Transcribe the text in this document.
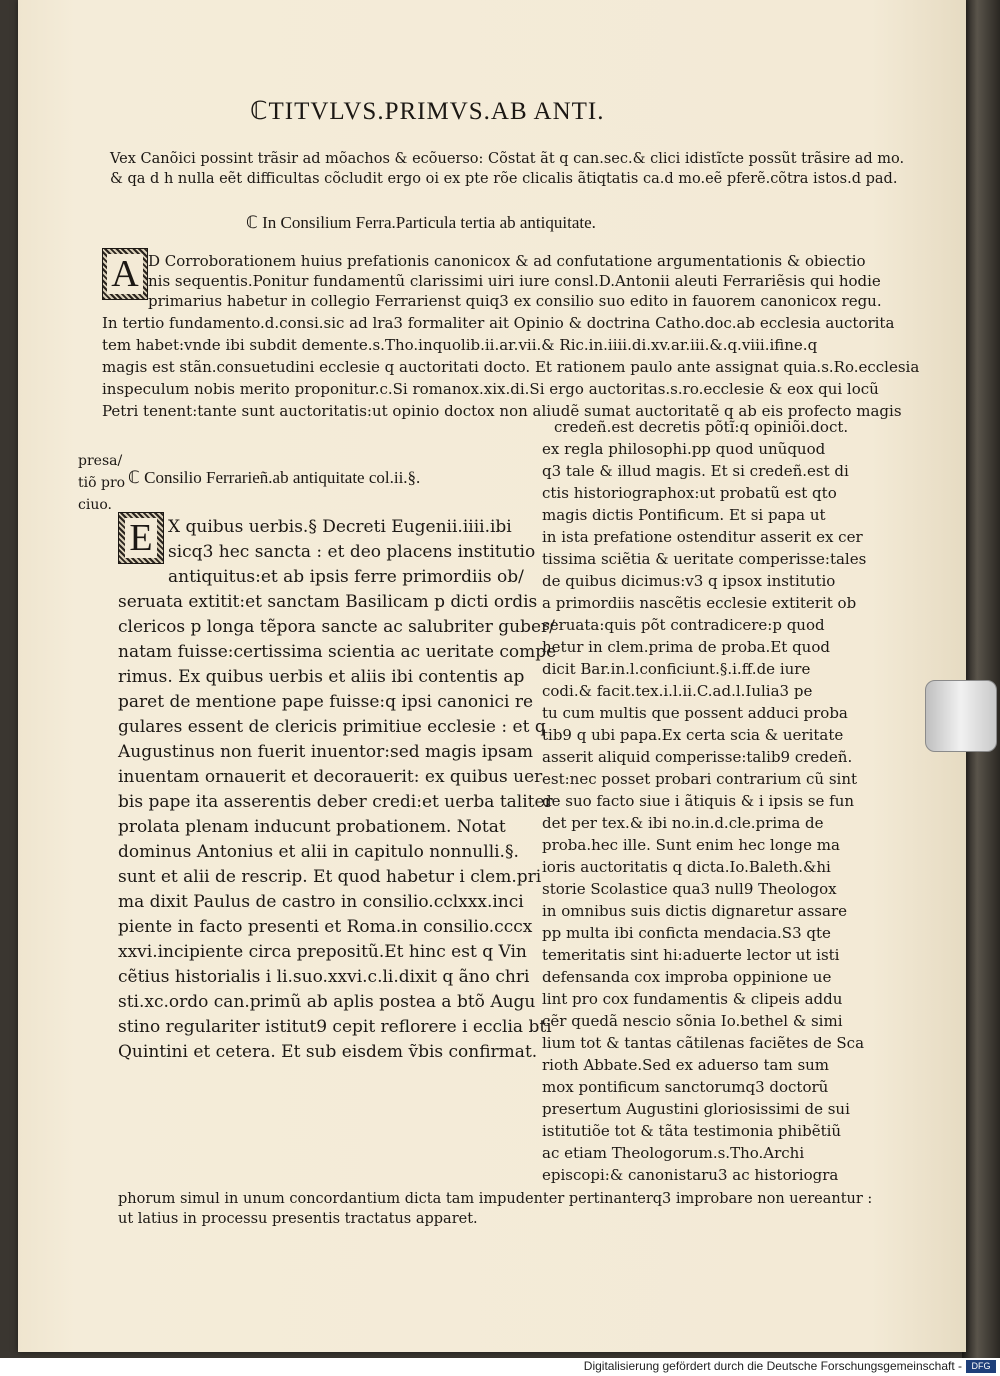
ℂTITVLVS.PRIMVS.AB ANTI.
Vex Canõici possint trãsir ad mõachos & ecõuerso: Cõstat ãt q can.sec.& clici idistĩcte possũt trãsire ad mo.
& qa d h nulla eẽt difficultas cõcludit ergo oi ex pte rõe clicalis ãtiqtatis ca.d mo.eẽ pferẽ.cõtra istos.d pad.
ℂ In Consilium Ferra.Particula tertia ab antiquitate.
A D Corroborationem huius prefationis canonicox & ad confutatione argumentationis & obiectio
nis sequentis.Ponitur fundamentũ clarissimi uiri iure consl.D.Antonii aleuti Ferrariẽsis qui hodie
primarius habetur in collegio Ferrarienst quiq3 ex consilio suo edito in fauorem canonicox regu.
In tertio fundamento.d.consi.sic ad lra3 formaliter ait Opinio & doctrina Catho.doc.ab ecclesia auctorita
tem habet:vnde ibi subdit demente.s.Tho.inquolib.ii.ar.vii.& Ric.in.iiii.di.xv.ar.iii.&.q.viii.ifine.q
magis est stãn.consuetudini ecclesie q auctoritati docto. Et rationem paulo ante assignat quia.s.Ro.ecclesia
inspeculum nobis merito proponitur.c.Si romanox.xix.di.Si ergo auctoritas.s.ro.ecclesie & eox qui locũ
Petri tenent:tante sunt auctoritatis:ut opinio doctox non aliudẽ sumat auctoritatẽ q ab eis profecto magis
presa/
tiõ pro
ciuo.
ℂ Consilio Ferrarieñ.ab antiquitate col.ii.§.
E X quibus uerbis.§ Decreti Eugenii.iiii.ibi
sicq3 hec sancta : et deo placens institutio
antiquitus:et ab ipsis ferre primordiis ob/
seruata extitit:et sanctam Basilicam p dicti ordis
clericos p longa tẽpora sancte ac salubriter guber/
natam fuisse:certissima scientia ac ueritate compe
rimus. Ex quibus uerbis et aliis ibi contentis ap
paret de mentione pape fuisse:q ipsi canonici re
gulares essent de clericis primitiue ecclesie : et q
Augustinus non fuerit inuentor:sed magis ipsam
inuentam ornauerit et decorauerit: ex quibus uer
bis pape ita asserentis deber credi:et uerba taliter
prolata plenam inducunt probationem. Notat
dominus Antonius et alii in capitulo nonnulli.§.
sunt et alii de rescrip. Et quod habetur i clem.pri
ma dixit Paulus de castro in consilio.cclxxx.inci
piente in facto presenti et Roma.in consilio.cccx
xxvi.incipiente circa prepositũ.Et hinc est q Vin
cẽtius historialis i li.suo.xxvi.c.li.dixit q ãno chri
sti.xc.ordo can.primũ ab aplis postea a btõ Augu
stino regulariter istitut9 cepit reflorere i ecclia bti
Quintini et cetera. Et sub eisdem ṽbis confirmat.
credeñ.est decretis põtĩ:q opiniõi.doct.
ex regla philosophi.pp quod unũquod
q3 tale & illud magis. Et si credeñ.est di
ctis historiographox:ut probatũ est qto
magis dictis Pontificum. Et si papa ut
in ista prefatione ostenditur asserit ex cer
tissima sciẽtia & ueritate comperisse:tales
de quibus dicimus:v3 q ipsox institutio
a primordiis nascẽtis ecclesie extiterit ob
seruata:quis põt contradicere:p quod
hetur in clem.prima de proba.Et quod
dicit Bar.in.l.conficiunt.§.i.ff.de iure
codi.& facit.tex.i.l.ii.C.ad.l.Iulia3 pe
tu cum multis que possent adduci proba
tib9 q ubi papa.Ex certa scia & ueritate
asserit aliquid comperisse:talib9 credeñ.
est:nec posset probari contrarium cũ sint
de suo facto siue i ãtiquis & i ipsis se fun
det per tex.& ibi no.in.d.cle.prima de
proba.hec ille. Sunt enim hec longe ma
ioris auctoritatis q dicta.Io.Baleth.&hi
storie Scolastice qua3 null9 Theologox
in omnibus suis dictis dignaretur assare
pp multa ibi conficta mendacia.S3 qte
temeritatis sint hi:aduerte lector ut isti
defensanda cox improba oppinione ue
lint pro cox fundamentis & clipeis addu
cẽr quedã nescio sõnia Io.bethel & simi
lium tot & tantas cãtilenas faciẽtes de Sca
rioth Abbate.Sed ex aduerso tam sum
mox pontificum sanctorumq3 doctorũ
presertum Augustini gloriosissimi de sui
istitutiõe tot & tãta testimonia phibẽtiũ
ac etiam Theologorum.s.Tho.Archi
episcopi:& canonistaru3 ac historiogra
phorum simul in unum concordantium dicta tam impudenter pertinanterq3 improbare non uereantur :
ut latius in processu presentis tractatus apparet.
Digitalisierung gefördert durch die Deutsche Forschungsgemeinschaft -	DFG
